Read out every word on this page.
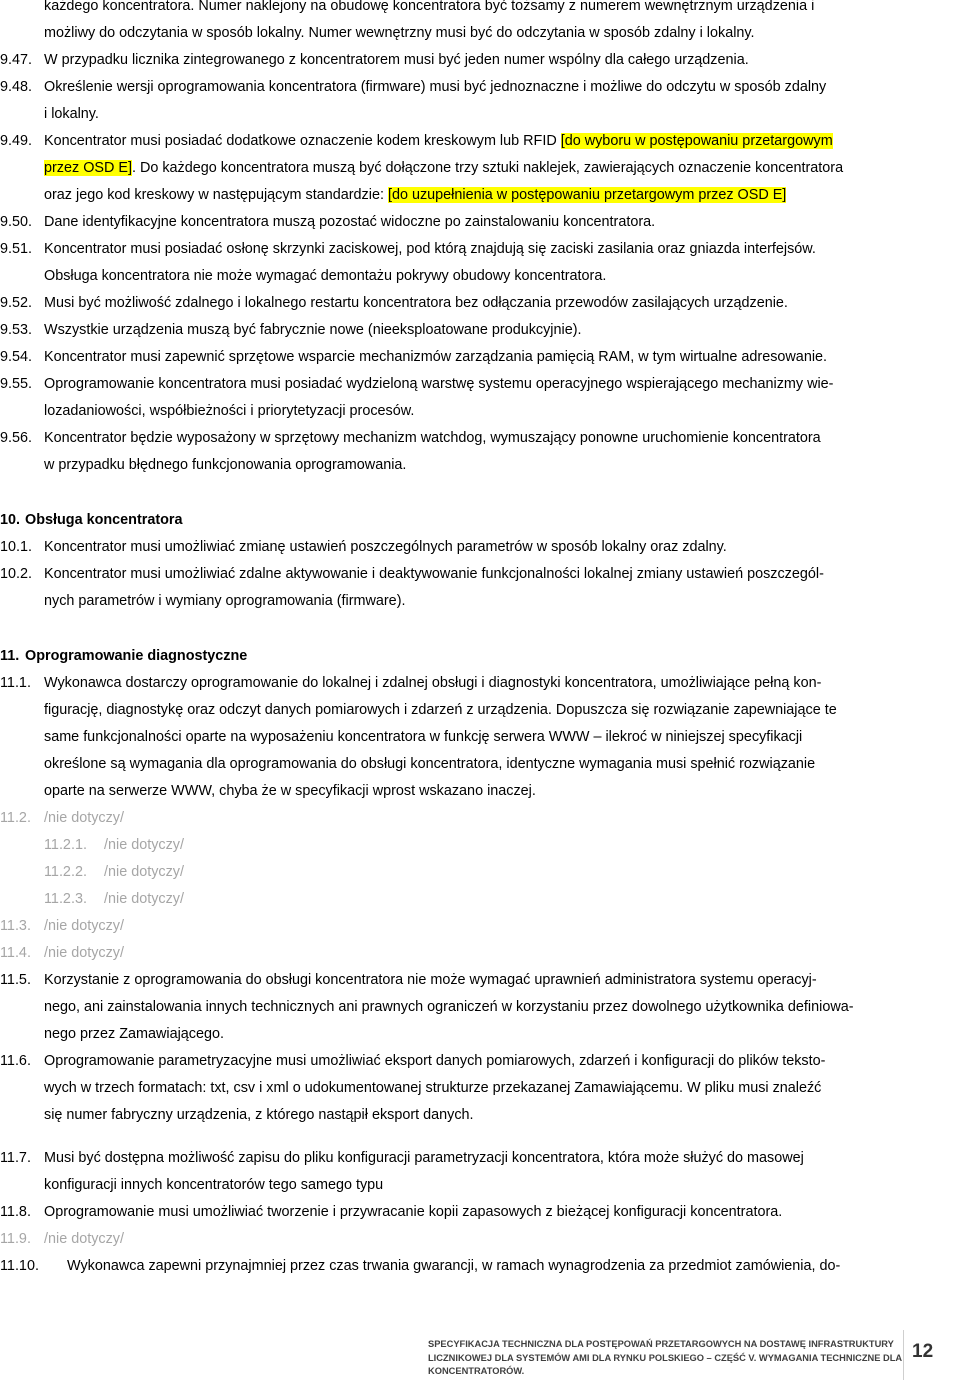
każdego koncentratora. Numer naklejony na obudowę koncentratora być tożsamy z numerem wewnętrznym urządzenia i
możliwy do odczytania w sposób lokalny. Numer wewnętrzny musi być do odczytania w sposób zdalny i lokalny.
9.47. W przypadku licznika zintegrowanego z koncentratorem musi być jeden numer wspólny dla całego urządzenia.
9.48. Określenie wersji oprogramowania koncentratora (firmware) musi być jednoznaczne i możliwe do odczytu w sposób zdalny
i lokalny.
9.49. Koncentrator musi posiadać dodatkowe oznaczenie kodem kreskowym lub RFID [do wyboru w postępowaniu przetargowym
przez OSD E]. Do każdego koncentratora muszą być dołączone trzy sztuki naklejek, zawierających oznaczenie koncentratora
oraz jego kod kreskowy w następującym standardzie: [do uzupełnienia w postępowaniu przetargowym przez OSD E]
9.50. Dane identyfikacyjne koncentratora muszą pozostać widoczne po zainstalowaniu koncentratora.
9.51. Koncentrator musi posiadać osłonę skrzynki zaciskowej, pod którą znajdują się zaciski zasilania oraz gniazda interfejsów.
Obsługa koncentratora nie może wymagać demontażu pokrywy obudowy koncentratora.
9.52. Musi być możliwość zdalnego i lokalnego restartu koncentratora bez odłączania przewodów zasilających urządzenie.
9.53. Wszystkie urządzenia muszą być fabrycznie nowe (nieeksploatowane produkcyjnie).
9.54. Koncentrator musi zapewnić sprzętowe wsparcie mechanizmów zarządzania pamięcią RAM, w tym wirtualne adresowanie.
9.55. Oprogramowanie koncentratora musi posiadać wydzieloną warstwę systemu operacyjnego wspierającego mechanizmy wie-
lozadaniowości, współbieżności i priorytetyzacji procesów.
9.56. Koncentrator będzie wyposażony w sprzętowy mechanizm watchdog, wymuszający ponowne uruchomienie koncentratora
w przypadku błędnego funkcjonowania oprogramowania.
10. Obsługa koncentratora
10.1. Koncentrator musi umożliwiać zmianę ustawień poszczególnych parametrów w sposób lokalny oraz zdalny.
10.2. Koncentrator musi umożliwiać zdalne aktywowanie i deaktywowanie funkcjonalności lokalnej zmiany ustawień poszczegól-
nych parametrów i wymiany oprogramowania (firmware).
11. Oprogramowanie diagnostyczne
11.1. Wykonawca dostarczy oprogramowanie do lokalnej i zdalnej obsługi i diagnostyki koncentratora, umożliwiające pełną kon-
figurację, diagnostykę oraz odczyt danych pomiarowych i zdarzeń z urządzenia. Dopuszcza się rozwiązanie zapewniające te
same funkcjonalności oparte na wyposażeniu koncentratora w funkcję serwera WWW – ilekroć w niniejszej specyfikacji
określone są wymagania dla oprogramowania do obsługi koncentratora, identyczne wymagania musi spełnić rozwiązanie
oparte na serwerze WWW, chyba że w specyfikacji wprost wskazano inaczej.
11.2. /nie dotyczy/
11.2.1.	/nie dotyczy/
11.2.2.	/nie dotyczy/
11.2.3.	/nie dotyczy/
11.3. /nie dotyczy/
11.4. /nie dotyczy/
11.5. Korzystanie z oprogramowania do obsługi koncentratora nie może wymagać uprawnień administratora systemu operacyj-
nego, ani zainstalowania innych technicznych ani prawnych ograniczeń w korzystaniu przez dowolnego użytkownika definiowa-
nego przez Zamawiającego.
11.6. Oprogramowanie parametryzacyjne musi umożliwiać eksport danych pomiarowych, zdarzeń i konfiguracji do plików teksto-
wych w trzech formatach: txt, csv i xml o udokumentowanej strukturze przekazanej Zamawiającemu. W pliku musi znaleźć
się numer fabryczny urządzenia, z którego nastąpił eksport danych.
11.7. Musi być dostępna możliwość zapisu do pliku konfiguracji parametryzacji koncentratora, która może służyć do masowej
konfiguracji innych koncentratorów tego samego typu
11.8. Oprogramowanie musi umożliwiać tworzenie i przywracanie kopii zapasowych z bieżącej konfiguracji koncentratora.
11.9. /nie dotyczy/
11.10.	Wykonawca zapewni przynajmniej przez czas trwania gwarancji, w ramach wynagrodzenia za przedmiot zamówienia, do-
SPECYFIKACJA TECHNICZNA DLA POSTĘPOWAŃ PRZETARGOWYCH NA DOSTAWĘ INFRASTRUKTURY
LICZNIKOWEJ DLA SYSTEMÓW AMI DLA RYNKU POLSKIEGO – CZĘŚĆ V. WYMAGANIA TECHNICZNE DLA
KONCENTRATORÓW.
12
